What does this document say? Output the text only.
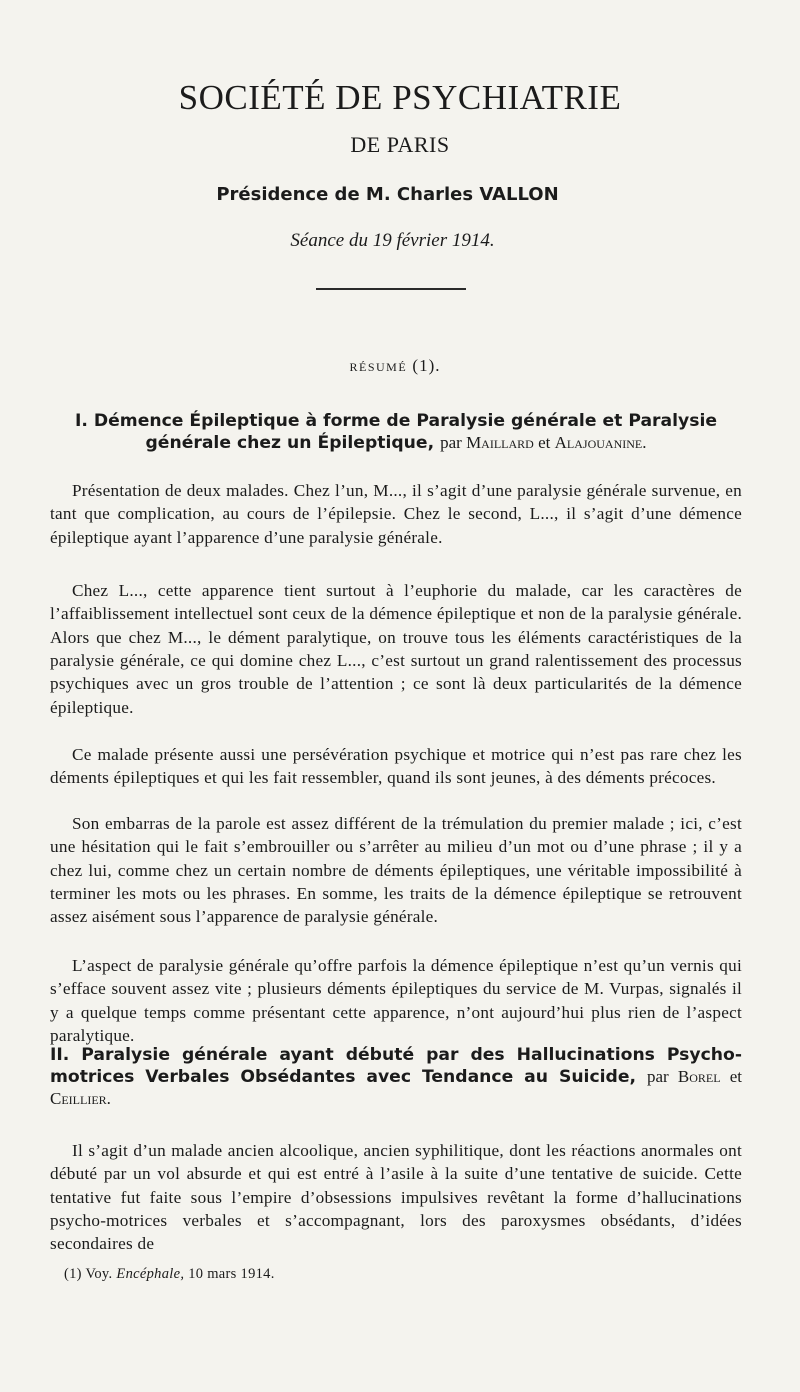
SOCIÉTÉ DE PSYCHIATRIE
DE PARIS
Présidence de M. Charles VALLON
Séance du 19 février 1914.
RÉSUMÉ (1).
I. Démence Épileptique à forme de Paralysie générale et Paralysie générale chez un Épileptique, par Maillard et Alajouanine.

Présentation de deux malades. Chez l’un, M..., il s’agit d’une paralysie générale survenue, en tant que complication, au cours de l’épilepsie. Chez le second, L..., il s’agit d’une démence épileptique ayant l’apparence d’une paralysie générale.

Chez L..., cette apparence tient surtout à l’euphorie du malade, car les caractères de l’affaiblissement intellectuel sont ceux de la démence épileptique et non de la paralysie générale. Alors que chez M..., le dément paralytique, on trouve tous les éléments caractéristiques de la paralysie générale, ce qui domine chez L..., c’est surtout un grand ralentissement des processus psychiques avec un gros trouble de l’attention ; ce sont là deux particularités de la démence épileptique.

Ce malade présente aussi une persévération psychique et motrice qui n’est pas rare chez les déments épileptiques et qui les fait ressembler, quand ils sont jeunes, à des déments précoces.

Son embarras de la parole est assez différent de la trémulation du premier malade ; ici, c’est une hésitation qui le fait s’embrouiller ou s’arrêter au milieu d’un mot ou d’une phrase ; il y a chez lui, comme chez un certain nombre de déments épileptiques, une véritable impossibilité à terminer les mots ou les phrases. En somme, les traits de la démence épileptique se retrouvent assez aisément sous l’apparence de paralysie générale.

L’aspect de paralysie générale qu’offre parfois la démence épileptique n’est qu’un vernis qui s’efface souvent assez vite ; plusieurs déments épileptiques du service de M. Vurpas, signalés il y a quelque temps comme présentant cette apparence, n’ont aujourd’hui plus rien de l’aspect paralytique.

II. Paralysie générale ayant débuté par des Hallucinations Psycho-motrices Verbales Obsédantes avec Tendance au Suicide, par Borel et Ceillier.

Il s’agit d’un malade ancien alcoolique, ancien syphilitique, dont les réactions anormales ont débuté par un vol absurde et qui est entré à l’asile à la suite d’une tentative de suicide. Cette tentative fut faite sous l’empire d’obsessions impulsives revêtant la forme d’hallucinations psycho-motrices verbales et s’accompagnant, lors des paroxysmes obsédants, d’idées secondaires de

(1) Voy. Encéphale, 10 mars 1914.
